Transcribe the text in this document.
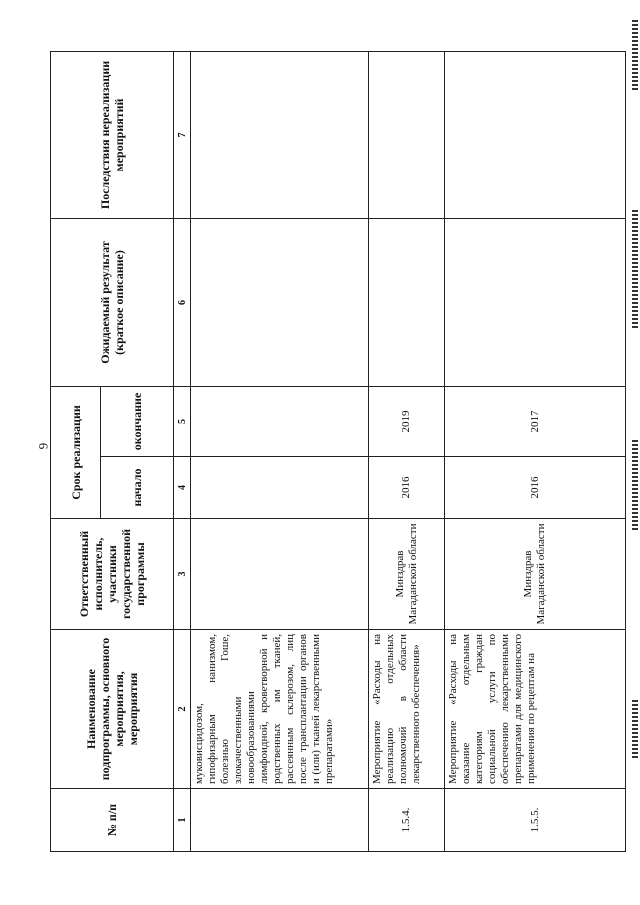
6
№ п/п	Наименование подпрограммы, основного мероприятия, мероприятия	Ответственный исполнитель, участники государственной программы	Срок реализации		Ожидаемый результат (краткое описание)	Последствия нереализации мероприятий
			начало	окончание		
1	2	3	4	5	6	7
	муковисцидозом, гипофизарным нанизмом, болезнью Гоше, злокачественными новообразованиями лимфоидной, кроветворной и родственных им тканей, рассеянным склерозом, лиц после трансплантации органов и (или) тканей лекарственными препаратами»					
1.5.4.	Мероприятие «Расходы на реализацию отдельных полномочий в области лекарственного обеспечения»	Минздрав Магаданской области	2016	2019		
1.5.5.	Мероприятие «Расходы на оказание отдельным категориям граждан социальной услуги по обеспечению лекарственными препаратами для медицинского применения по рецептам на	Минздрав Магаданской области	2016	2017		
